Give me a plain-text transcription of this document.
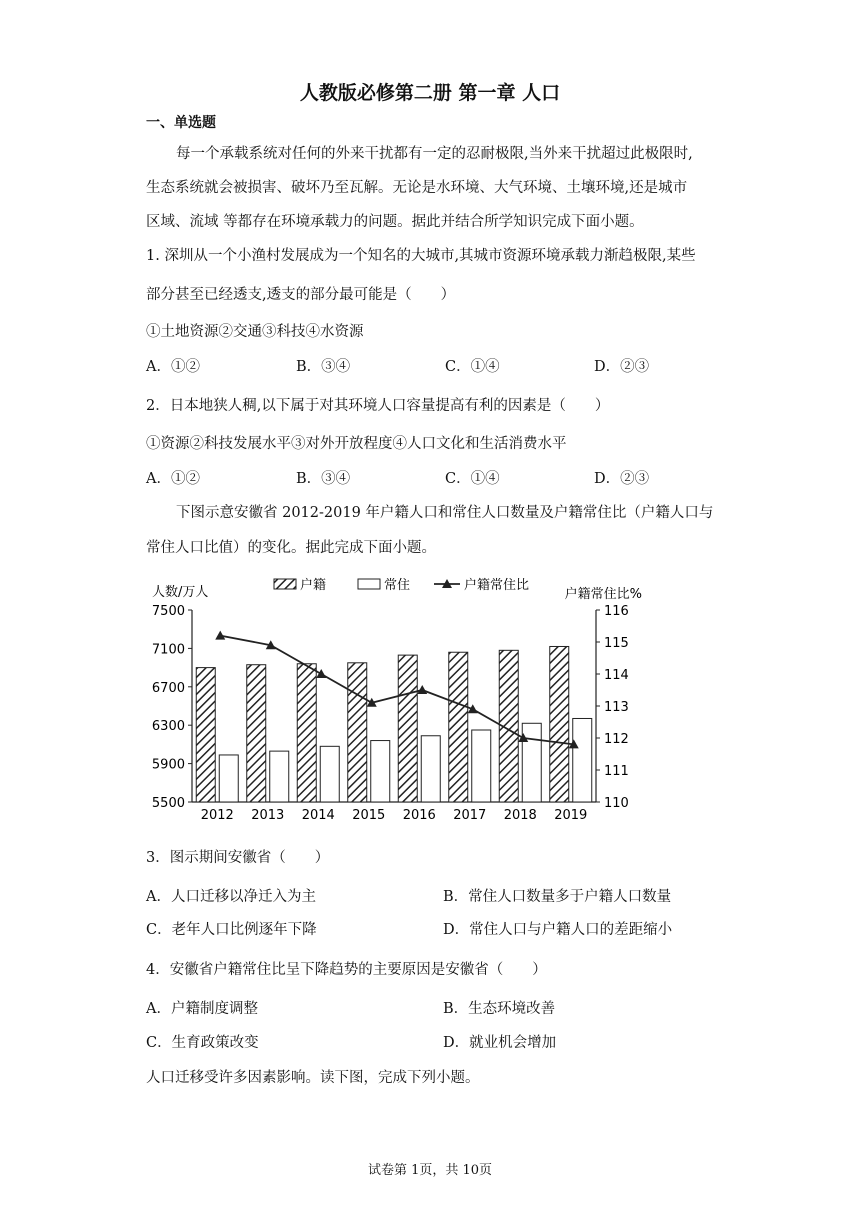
人教版必修第二册 第一章 人口
一、单选题
每一个承载系统对任何的外来干扰都有一定的忍耐极限,当外来干扰超过此极限时,
生态系统就会被损害、破坏乃至瓦解。无论是水环境、大气环境、土壤环境,还是城市
区域、流域 等都存在环境承载力的问题。据此并结合所学知识完成下面小题。
1. 深圳从一个小渔村发展成为一个知名的大城市,其城市资源环境承载力渐趋极限,某些
部分甚至已经透支,透支的部分最可能是（　　）
①土地资源②交通③科技④水资源
A．①②	B．③④	C．①④	D．②③
2．日本地狭人稠,以下属于对其环境人口容量提高有利的因素是（　　）
①资源②科技发展水平③对外开放程度④人口文化和生活消费水平
A．①②	B．③④	C．①④	D．②③
下图示意安徽省 2012-2019 年户籍人口和常住人口数量及户籍常住比（户籍人口与
常住人口比值）的变化。据此完成下面小题。
5500
5900
6300
6700
7100
7500
110
111
112
113
114
115
116
人数/万人	户籍常住比%
2012 2013 2014 2015 2016 2017 2018 2019
户籍	常住	户籍常住比
3．图示期间安徽省（　　）
A．人口迁移以净迁入为主	B．常住人口数量多于户籍人口数量
C．老年人口比例逐年下降	D．常住人口与户籍人口的差距缩小
4．安徽省户籍常住比呈下降趋势的主要原因是安徽省（　　）
A．户籍制度调整	B．生态环境改善
C．生育政策改变	D．就业机会增加
人口迁移受许多因素影响。读下图，完成下列小题。
试卷第 1页，共 10页
